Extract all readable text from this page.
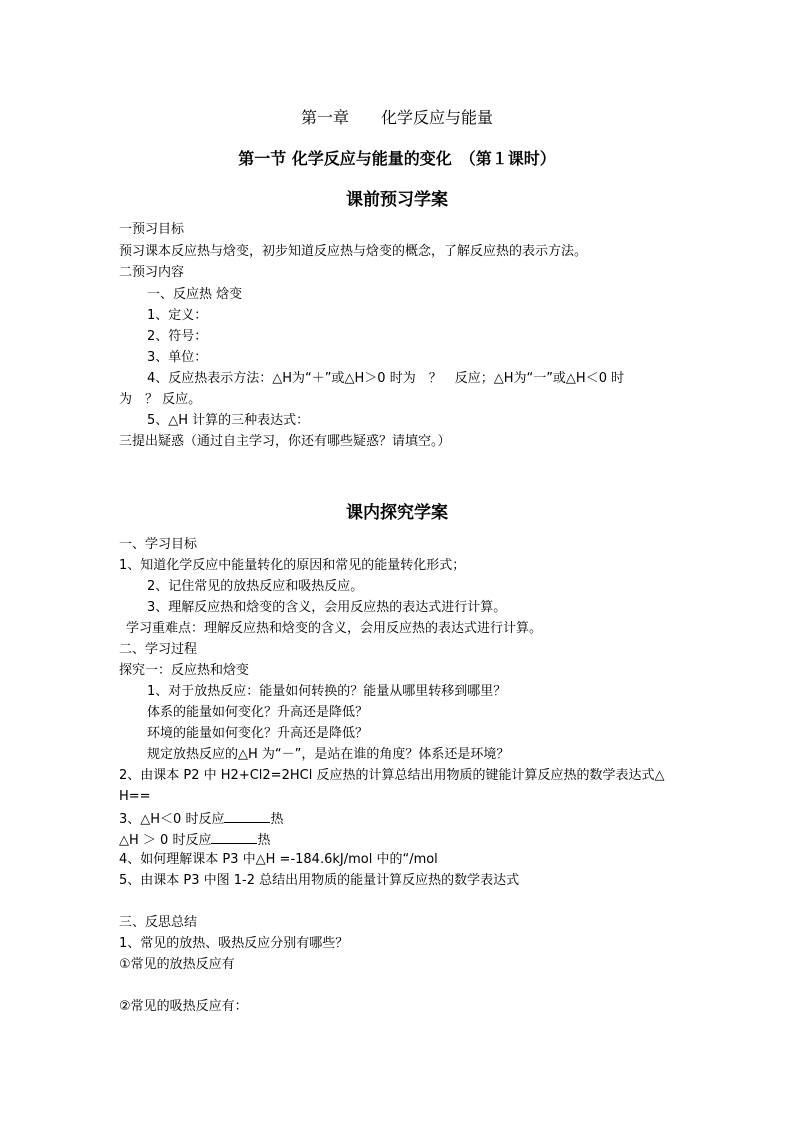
第一章　　化学反应与能量
第一节 化学反应与能量的变化　（第１课时）
课前预习学案
一预习目标
预习课本反应热与焓变，初步知道反应热与焓变的概念，了解反应热的表示方法。
二预习内容
一、反应热 焓变
1、定义：
2、符号：
3、单位：
4、反应热表示方法：△H为“＋”或△H＞0 时为　？　反应；△H为“一”或△H＜0 时
为　？ 反应。
5、△H 计算的三种表达式：
三提出疑惑（通过自主学习，你还有哪些疑惑？请填空。）
课内探究学案
一、学习目标
1、知道化学反应中能量转化的原因和常见的能量转化形式；
2、记住常见的放热反应和吸热反应。
3、理解反应热和焓变的含义，会用反应热的表达式进行计算。
学习重难点：理解反应热和焓变的含义，会用反应热的表达式进行计算。
二、学习过程
探究一：反应热和焓变
1、对于放热反应：能量如何转换的？能量从哪里转移到哪里？
体系的能量如何变化？升高还是降低？
环境的能量如何变化？升高还是降低？
规定放热反应的△H 为“－”，是站在谁的角度？体系还是环境？
2、由课本 P2 中 H2+Cl2=2HCl 反应热的计算总结出用物质的键能计算反应热的数学表达式△
H==
3、△H＜0 时反应	热
△H ＞ 0 时反应	热
4、如何理解课本 P3 中△H =-184.6kJ/mol 中的“/mol
5、由课本 P3 中图 1-2 总结出用物质的能量计算反应热的数学表达式
三、反思总结
1、常见的放热、吸热反应分别有哪些？
①常见的放热反应有
②常见的吸热反应有：
